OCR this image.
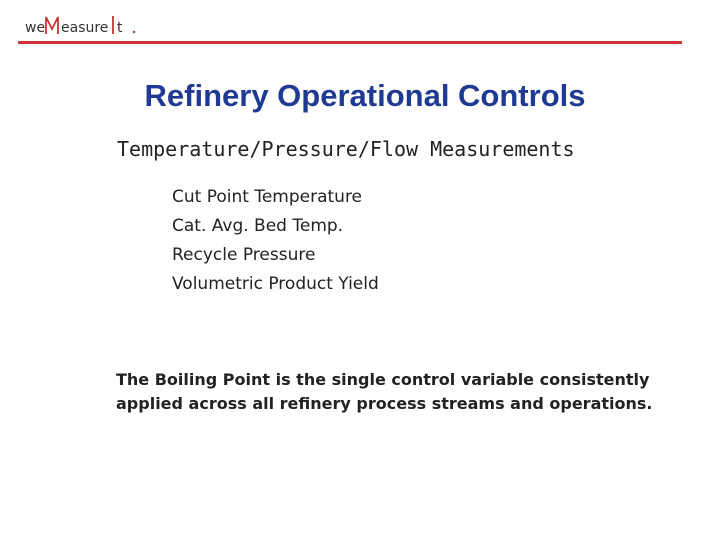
we easure t
Refinery Operational Controls
Temperature/Pressure/Flow Measurements
Cut Point Temperature
Cat. Avg. Bed Temp.
Recycle Pressure
Volumetric Product Yield
The Boiling Point is the single control variable consistently applied across all refinery process streams and operations.
